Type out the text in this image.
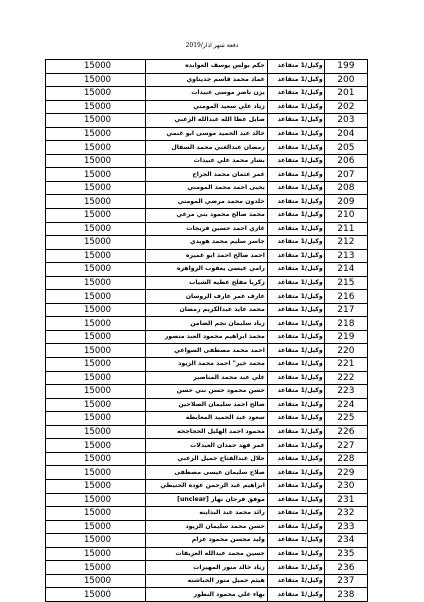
دفعة شهر اذار/2019
15000	حكم بولس يوسف العوابده	وكيل/1 متقاعد	199
15000	عماد محمد قاسم جديتاوي	وكيل/1 متقاعد	200
15000	يزن ناصر موسى عبيدات	وكيل/1 متقاعد	201
15000	زياد علي سعيد المومني	وكيل/1 متقاعد	202
15000	صايل عطا الله عبدالله الزعبي	وكيل/1 متقاعد	203
15000	خالد عبد الحميد موسى ابو غنمي	وكيل/1 متقاعد	204
15000	رمضان عبدالغني محمد السقال	وكيل/1 متقاعد	205
15000	بشار محمد علي عبيدات	وكيل/1 متقاعد	206
15000	عمر عثمان محمد الجراح	وكيل/1 متقاعد	207
15000	يحيى احمد محمد المومني	وكيل/1 متقاعد	208
15000	خلدون محمد مرضي المومني	وكيل/1 متقاعد	209
15000	محمد صالح محمود بني مرعي	وكيل/1 متقاعد	210
15000	غازي احمد حسين فريحات	وكيل/1 متقاعد	211
15000	جاسر سليم محمد هويدي	وكيل/1 متقاعد	212
15000	احمد صالح احمد ابو عميره	وكيل/1 متقاعد	213
15000	رامي عيسى يعقوب الزواهره	وكيل/1 متقاعد	214
15000	زكريا مفلح عطيه الشياب	وكيل/1 متقاعد	215
15000	عارف عمر عارف الروسان	وكيل/1 متقاعد	216
15000	محمد عايد عبدالكريم رمضان	وكيل/1 متقاعد	217
15000	زياد سليمان نجم الضامن	وكيل/1 متقاعد	218
15000	محمد ابراهيم محمود العبد منصور	وكيل/1 متقاعد	219
15000	احمد محمد مصطفى السواعي	وكيل/1 متقاعد	220
15000	محمد خير" احمد محمد الزيود	وكيل/1 متقاعد	221
15000	علي عبد محمد المناصير	وكيل/1 متقاعد	222
15000	حسن محمود حسن بني حسن	وكيل/1 متقاعد	223
15000	صالح احمد سليمان الصلاحين	وكيل/1 متقاعد	224
15000	سعود عبد الحميد المعايطه	وكيل/1 متقاعد	225
15000	محمود احمد الهليل الحجاجحه	وكيل/1 متقاعد	226
15000	عمر فهد حمدان العبدلات	وكيل/1 متقاعد	227
15000	جلال عبدالفتاح جميل الزعبي	وكيل/1 متقاعد	228
15000	صلاح سليمان عيسى مصطفى	وكيل/1 متقاعد	229
15000	ابراهيم عبد الرحمن عوده الحنيطي	وكيل/1 متقاعد	230
15000	موفق فرحان نهار [unclear]	وكيل/1 متقاعد	231
15000	رائد محمد عبد البداينه	وكيل/1 متقاعد	232
15000	حسن محمد سليمان الزيود	وكيل/1 متقاعد	233
15000	وليد محسن محمود عزام	وكيل/1 متقاعد	234
15000	حسين محمد عبدالله العريقات	وكيل/1 متقاعد	235
15000	زياد خالد منور المهيرات	وكيل/1 متقاعد	236
15000	هيثم جميل منور الحباشنه	وكيل/1 متقاعد	237
15000	بهاء علي محمود النطور	وكيل/1 متقاعد	238
